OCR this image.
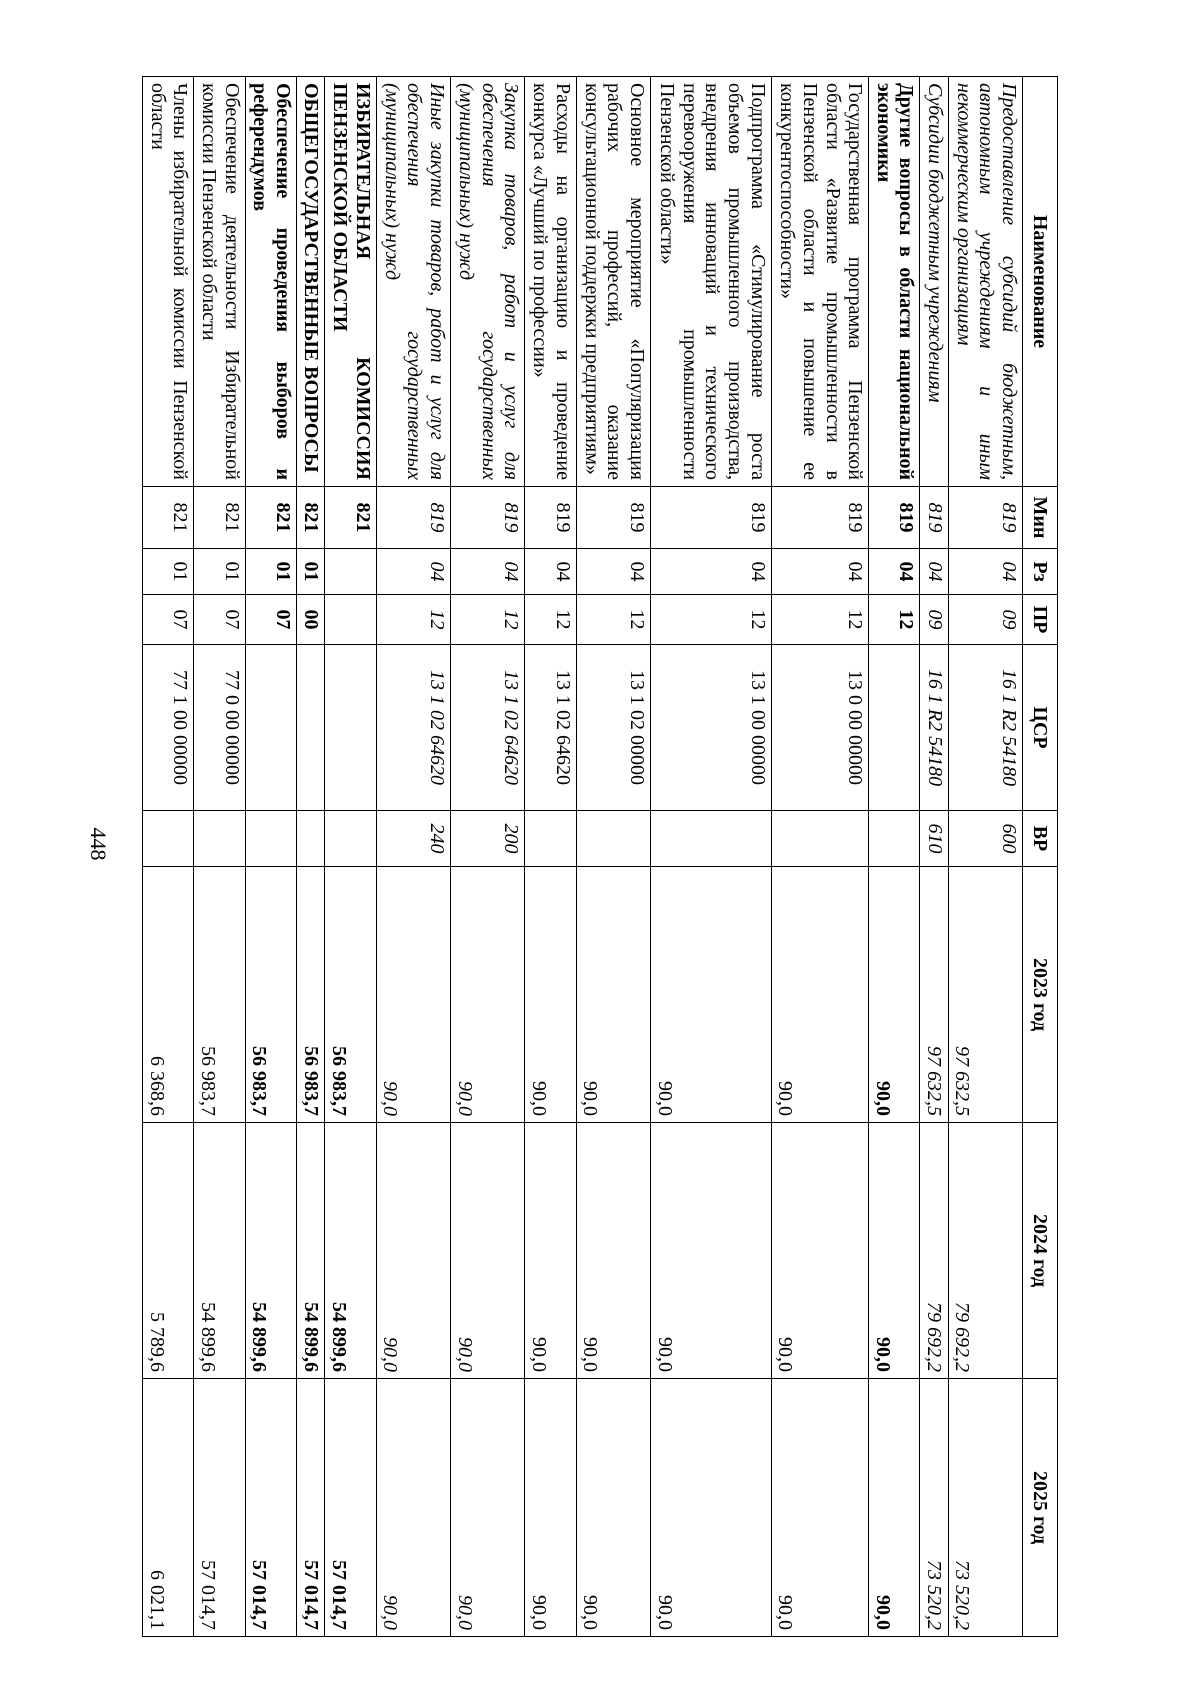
448
Наименование	Мин	Рз	ПР	ЦСР	ВР	2023 год	2024 год	2025 год
Предоставление субсидий бюджетным, автономным учреждениям и иным некоммерческим организациям	819	04	09	16 1 R2 54180	600	97 632,5	79 692,2	73 520,2
Субсидии бюджетным учреждениям	819	04	09	16 1 R2 54180	610	97 632,5	79 692,2	73 520,2
Другие вопросы в области национальной экономики	819	04	12			90,0	90,0	90,0
Государственная программа Пензенской области «Развитие промышленности в Пензенской области и повышение ее конкурентоспособности»	819	04	12	13 0 00 00000		90,0	90,0	90,0
Подпрограмма «Стимулирование роста объемов промышленного производства, внедрения инноваций и технического перевооружения промышленности Пензенской области»	819	04	12	13 1 00 00000		90,0	90,0	90,0
Основное мероприятие «Популяризация рабочих профессий, оказание консультационной поддержки предприятиям»	819	04	12	13 1 02 00000		90,0	90,0	90,0
Расходы на организацию и проведение конкурса «Лучший по профессии»	819	04	12	13 1 02 64620		90,0	90,0	90,0
Закупка товаров, работ и услуг для обеспечения государственных (муниципальных) нужд	819	04	12	13 1 02 64620	200	90,0	90,0	90,0
Иные закупки товаров, работ и услуг для обеспечения государственных (муниципальных) нужд	819	04	12	13 1 02 64620	240	90,0	90,0	90,0
ИЗБИРАТЕЛЬНАЯ КОМИССИЯ ПЕНЗЕНСКОЙ ОБЛАСТИ	821					56 983,7	54 899,6	57 014,7
ОБЩЕГОСУДАРСТВЕННЫЕ ВОПРОСЫ	821	01	00			56 983,7	54 899,6	57 014,7
Обеспечение проведения выборов и референдумов	821	01	07			56 983,7	54 899,6	57 014,7
Обеспечение деятельности Избирательной комиссии Пензенской области	821	01	07	77 0 00 00000		56 983,7	54 899,6	57 014,7
Члены избирательной комиссии Пензенской области	821	01	07	77 1 00 00000		6 368,6	5 789,6	6 021,1
